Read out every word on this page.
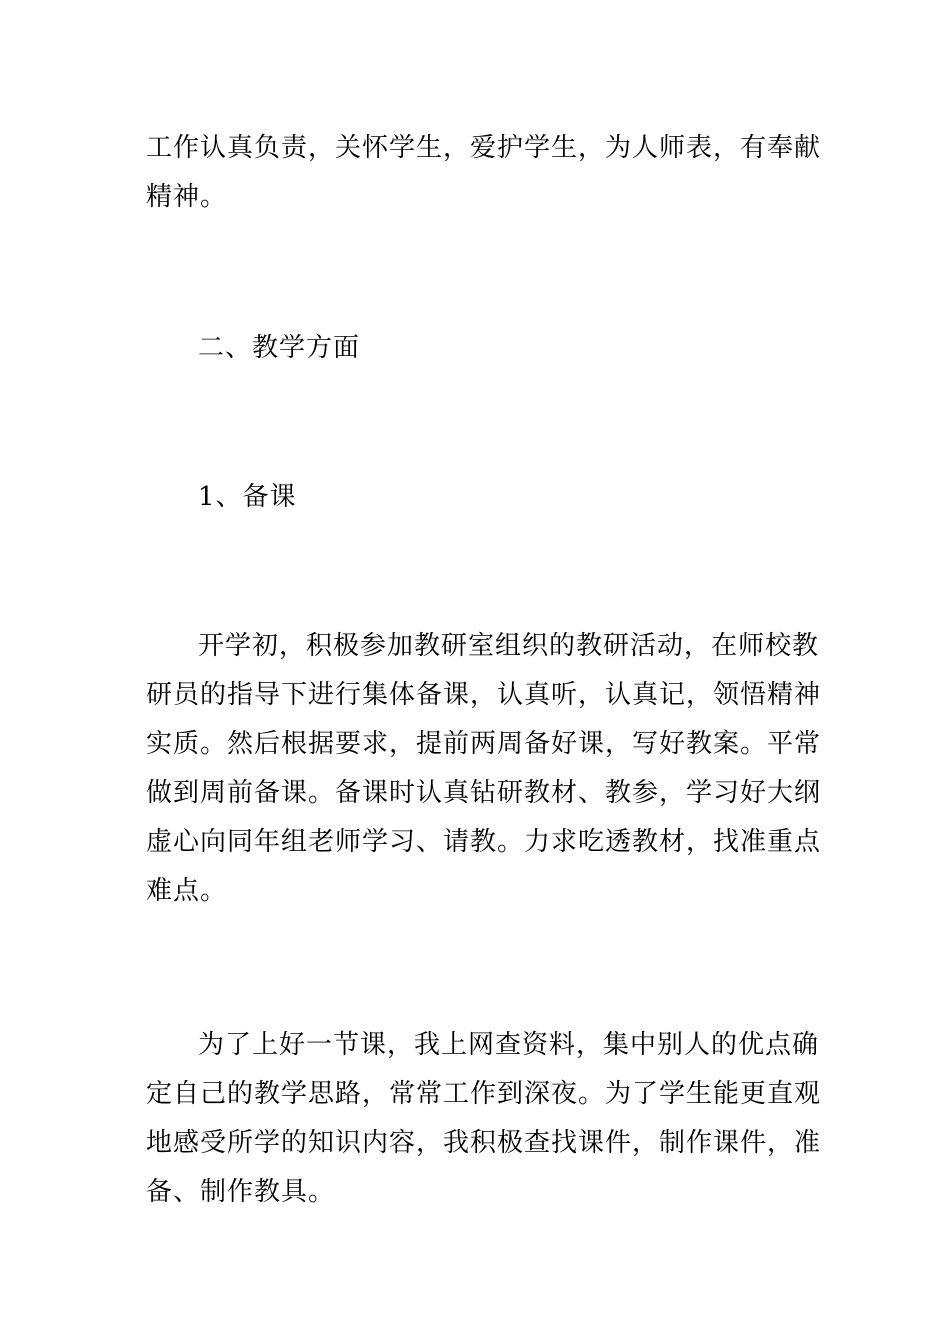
工作认真负责，关怀学生，爱护学生，为人师表，有奉献
精神。
二、教学方面
1、备课
开学初，积极参加教研室组织的教研活动，在师校教
研员的指导下进行集体备课，认真听，认真记，领悟精神
实质。然后根据要求，提前两周备好课，写好教案。平常
做到周前备课。备课时认真钻研教材、教参，学习好大纲
虚心向同年组老师学习、请教。力求吃透教材，找准重点
难点。
为了上好一节课，我上网查资料，集中别人的优点确
定自己的教学思路，常常工作到深夜。为了学生能更直观
地感受所学的知识内容，我积极查找课件，制作课件，准
备、制作教具。
